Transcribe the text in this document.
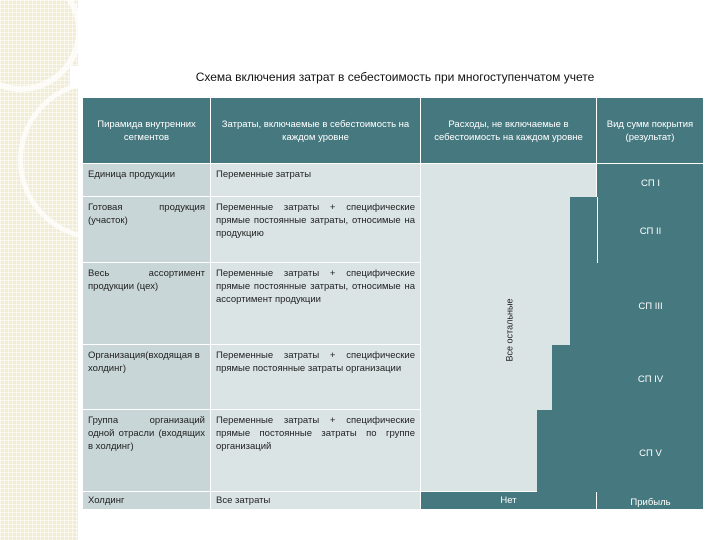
Схема включения затрат в себестоимость при многоступенчатом учете
Пирамида внутренних сегментов
Затраты, включаемые в себестоимость на каждом уровне
Расходы, не включаемые в себестоимость на каждом уровне
Вид сумм покрытия (результат)
Единица продукции
Готовая продукция (участок)
Весь ассортимент продукции (цех)
Организация(входящая в холдинг)
Группа организаций одной отрасли (входящих в холдинг)
Холдинг
Переменные затраты
Переменные затраты + специфические прямые постоянные затраты, относимые на продукцию
Переменные затраты + специфические прямые постоянные затраты, относимые на ассортимент продукции
Переменные затраты + специфические прямые постоянные затраты организации
Переменные затраты + специфические прямые постоянные затраты по группе организаций
Все затраты
Все остальные
Нет
СП I
СП II
СП III
СП IV
СП V
Прибыль
